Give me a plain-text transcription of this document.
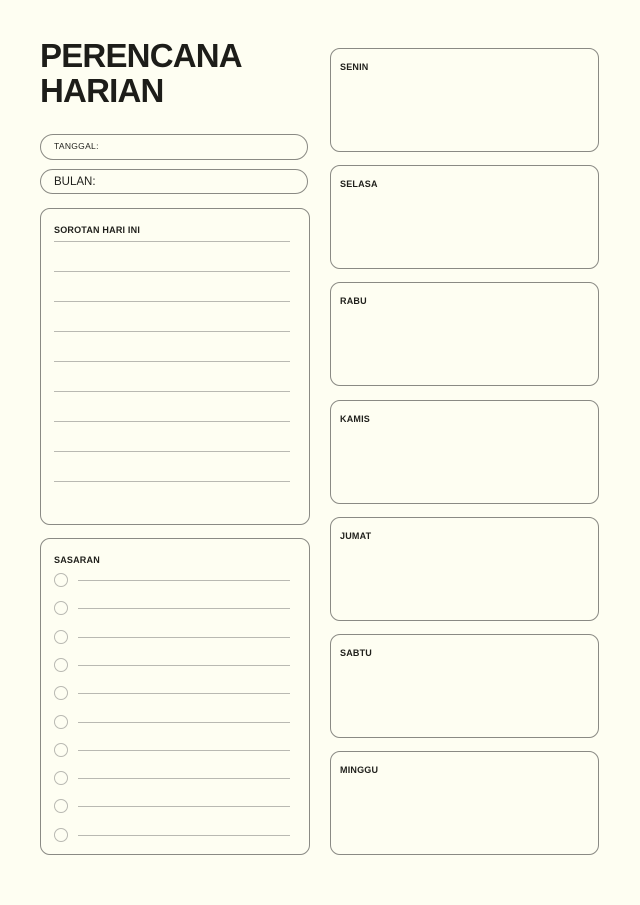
PERENCANA
HARIAN
TANGGAL:
BULAN:
SOROTAN HARI INI
SASARAN
SENIN
SELASA
RABU
KAMIS
JUMAT
SABTU
MINGGU
